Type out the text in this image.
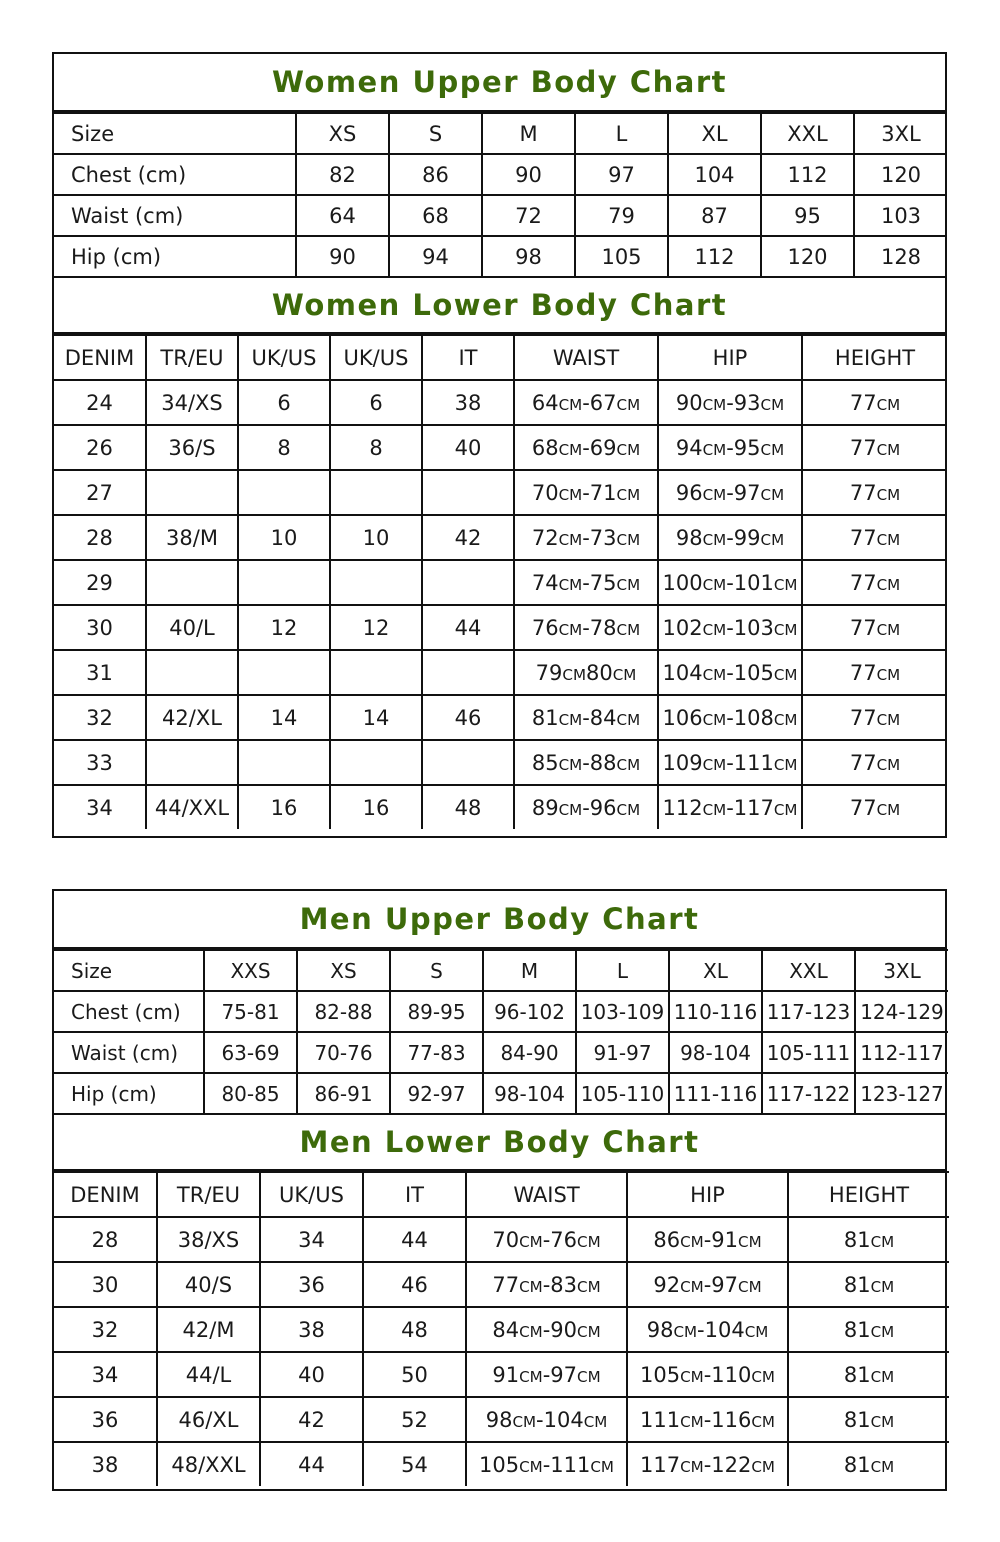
Women Upper Body Chart
Size	XS	S	M	L	XL	XXL	3XL
Chest (cm)	82	86	90	97	104	112	120
Waist (cm)	64	68	72	79	87	95	103
Hip (cm)	90	94	98	105	112	120	128
Women Lower Body Chart
DENIM	TR/EU	UK/US	UK/US	IT	WAIST	HIP	HEIGHT
24	34/XS	6	6	38	64CM-67CM	90CM-93CM	77CM
26	36/S	8	8	40	68CM-69CM	94CM-95CM	77CM
27					70CM-71CM	96CM-97CM	77CM
28	38/M	10	10	42	72CM-73CM	98CM-99CM	77CM
29					74CM-75CM	100CM-101CM	77CM
30	40/L	12	12	44	76CM-78CM	102CM-103CM	77CM
31					79CM80CM	104CM-105CM	77CM
32	42/XL	14	14	46	81CM-84CM	106CM-108CM	77CM
33					85CM-88CM	109CM-111CM	77CM
34	44/XXL	16	16	48	89CM-96CM	112CM-117CM	77CM
Men Upper Body Chart
Size	XXS	XS	S	M	L	XL	XXL	3XL
Chest (cm)	75-81	82-88	89-95	96-102	103-109	110-116	117-123	124-129
Waist (cm)	63-69	70-76	77-83	84-90	91-97	98-104	105-111	112-117
Hip (cm)	80-85	86-91	92-97	98-104	105-110	111-116	117-122	123-127
Men Lower Body Chart
DENIM	TR/EU	UK/US	IT	WAIST	HIP	HEIGHT
28	38/XS	34	44	70CM-76CM	86CM-91CM	81CM
30	40/S	36	46	77CM-83CM	92CM-97CM	81CM
32	42/M	38	48	84CM-90CM	98CM-104CM	81CM
34	44/L	40	50	91CM-97CM	105CM-110CM	81CM
36	46/XL	42	52	98CM-104CM	111CM-116CM	81CM
38	48/XXL	44	54	105CM-111CM	117CM-122CM	81CM
